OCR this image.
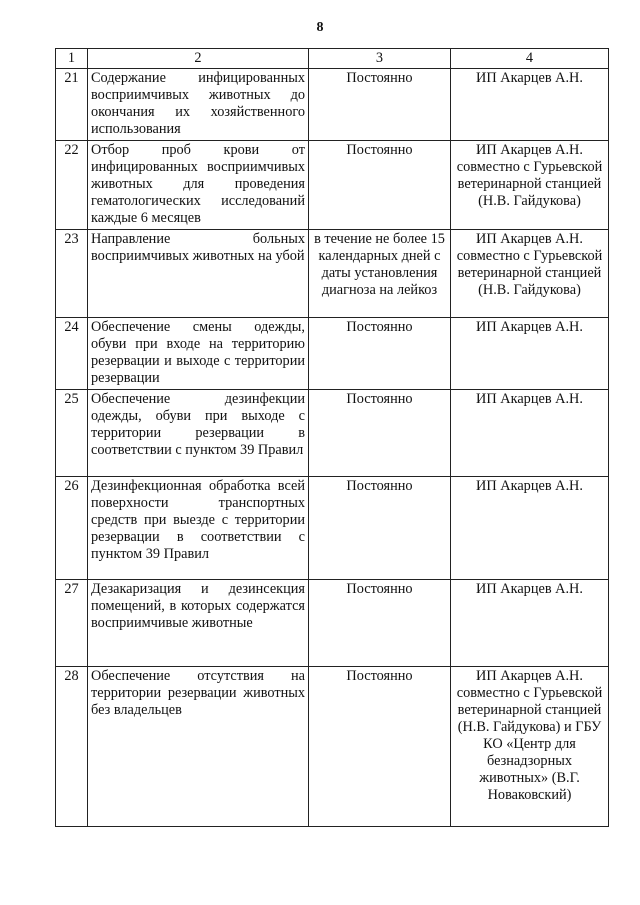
8
1	2	3	4
21	Содержание инфицированных восприимчивых животных до окончания их хозяйственного использования	Постоянно	ИП Акарцев А.Н.
22	Отбор проб крови от инфицированных восприимчивых животных для проведения гематологических исследований каждые 6 месяцев	Постоянно	ИП Акарцев А.Н. совместно с Гурьевской ветеринарной станцией (Н.В. Гайдукова)
23	Направление больных восприимчивых животных на убой	в течение не более 15 календарных дней с даты установления диагноза на лейкоз	ИП Акарцев А.Н. совместно с Гурьевской ветеринарной станцией (Н.В. Гайдукова)
24	Обеспечение смены одежды, обуви при входе на территорию резервации и выходе с территории резервации	Постоянно	ИП Акарцев А.Н.
25	Обеспечение дезинфекции одежды, обуви при выходе с территории резервации в соответствии с пунктом 39 Правил	Постоянно	ИП Акарцев А.Н.
26	Дезинфекционная обработка всей поверхности транспортных средств при выезде с территории резервации в соответствии с пунктом 39 Правил	Постоянно	ИП Акарцев А.Н.
27	Дезакаризация и дезинсекция помещений, в которых содержатся восприимчивые животные	Постоянно	ИП Акарцев А.Н.
28	Обеспечение отсутствия на территории резервации животных без владельцев	Постоянно	ИП Акарцев А.Н. совместно с Гурьевской ветеринарной станцией (Н.В. Гайдукова) и ГБУ КО «Центр для безнадзорных животных» (В.Г. Новаковский)
